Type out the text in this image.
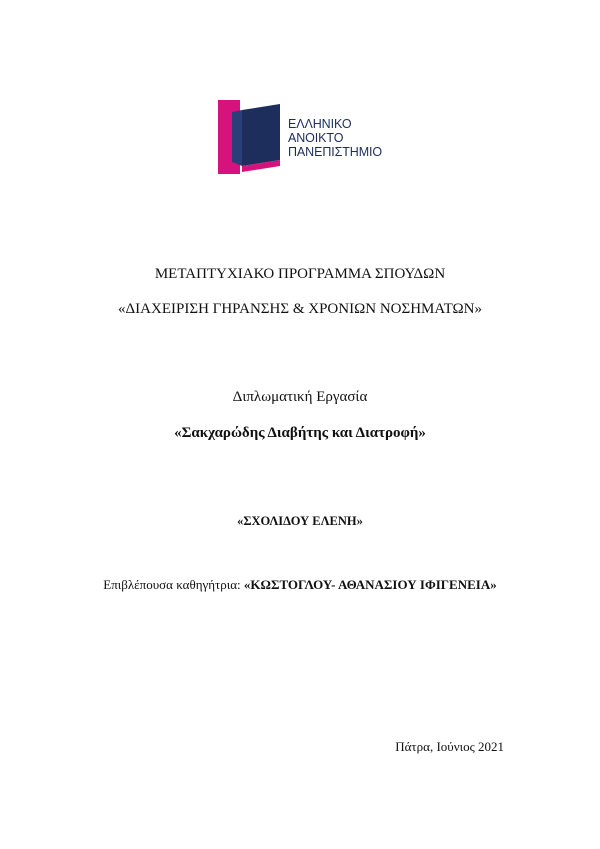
ΕΛΛΗΝΙΚΟ
ΑΝΟΙΚΤΟ
ΠΑΝΕΠΙΣΤΗΜΙΟ
ΜΕΤΑΠΤΥΧΙΑΚΟ ΠΡΟΓΡΑΜΜΑ ΣΠΟΥΔΩΝ
«ΔΙΑΧΕΙΡΙΣΗ ΓΗΡΑΝΣΗΣ & ΧΡΟΝΙΩΝ ΝΟΣΗΜΑΤΩΝ»
Διπλωματική Εργασία
«Σακχαρώδης Διαβήτης και Διατροφή»
«ΣΧΟΛΙΔΟΥ ΕΛΕΝΗ»
Επιβλέπουσα καθηγήτρια: «ΚΩΣΤΟΓΛΟΥ- ΑΘΑΝΑΣΙΟΥ ΙΦΙΓΕΝΕΙΑ»
Πάτρα, Ιούνιος 2021
